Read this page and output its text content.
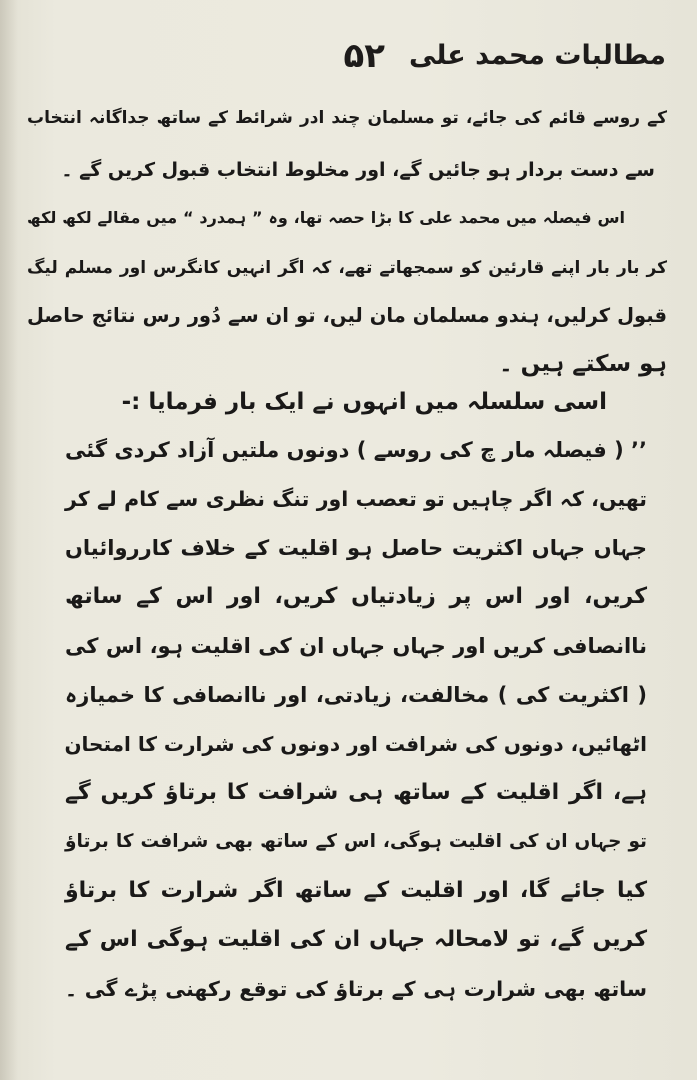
مطالبات محمد علی
۵۲
کے روسے قائم کی جائے، تو مسلمان چند ادر شرائط کے ساتھ جداگانہ انتخاب
سے دست بردار ہو جائیں گے، اور مخلوط انتخاب قبول کریں گے ۔
اس فیصلہ میں محمد علی کا بڑا حصہ تھا، وہ ” ہمدرد “ میں مقالے لکھ لکھ
کر بار بار اپنے قارئین کو سمجھاتے تھے، کہ اگر انہیں کانگرس اور مسلم لیگ
قبول کرلیں، ہندو مسلمان مان لیں، تو ان سے دُور رس نتائج حاصل
ہو سکتے ہیں ۔
اسی سلسلہ میں انہوں نے ایک بار فرمایا :-
’’ ( فیصلہ مار چ کی روسے ) دونوں ملتیں آزاد کردی گئی
تھیں، کہ اگر چاہیں تو تعصب اور تنگ نظری سے کام لے کر
جہاں جہاں اکثریت حاصل ہو اقلیت کے خلاف کارروائیاں
کریں، اور اس پر زیادتیاں کریں، اور اس کے ساتھ
ناانصافی کریں اور جہاں جہاں ان کی اقلیت ہو، اس کی
( اکثریت کی ) مخالفت، زیادتی، اور ناانصافی کا خمیازہ
اٹھائیں، دونوں کی شرافت اور دونوں کی شرارت کا امتحان
ہے، اگر اقلیت کے ساتھ ہی شرافت کا برتاؤ کریں گے
تو جہاں ان کی اقلیت ہوگی، اس کے ساتھ بھی شرافت کا برتاؤ
کیا جائے گا، اور اقلیت کے ساتھ اگر شرارت کا برتاؤ
کریں گے، تو لامحالہ جہاں ان کی اقلیت ہوگی اس کے
ساتھ بھی شرارت ہی کے برتاؤ کی توقع رکھنی پڑے گی ۔
